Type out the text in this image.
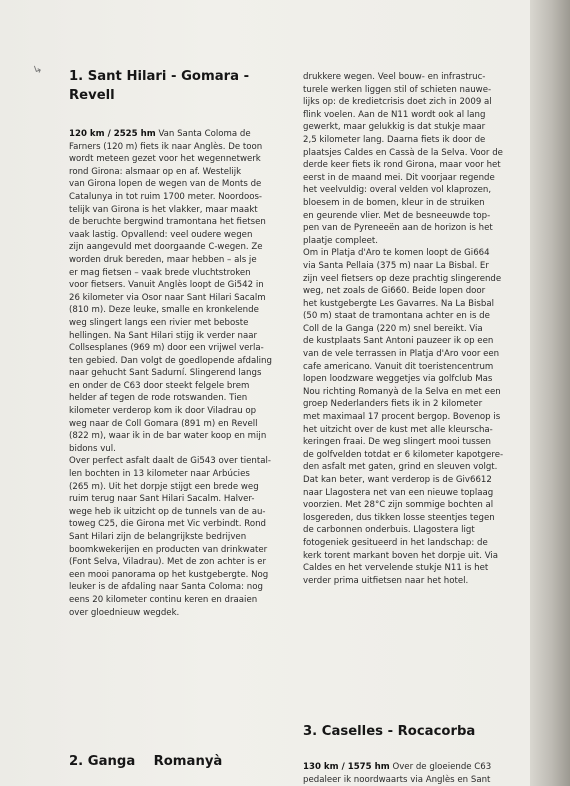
↳ 1. Sant Hilari - Gomara - Revell

120 km / 2525 hm Van Santa Coloma de

Farners (120 m) fiets ik naar Anglès. De toon

wordt meteen gezet voor het wegennetwerk

rond Girona: alsmaar op en af. Westelijk

van Girona lopen de wegen van de Monts de

Catalunya in tot ruim 1700 meter. Noordoos-

telijk van Girona is het vlakker, maar maakt

de beruchte bergwind tramontana het fietsen

vaak lastig. Opvallend: veel oudere wegen

zijn aangevuld met doorgaande C-wegen. Ze

worden druk bereden, maar hebben – als je

er mag fietsen – vaak brede vluchtstroken

voor fietsers. Vanuit Anglès loopt de Gi542 in

26 kilometer via Osor naar Sant Hilari Sacalm

(810 m). Deze leuke, smalle en kronkelende

weg slingert langs een rivier met beboste

hellingen. Na Sant Hilari stijg ik verder naar

Collsesplanes (969 m) door een vrijwel verla-

ten gebied. Dan volgt de goedlopende afdaling

naar gehucht Sant Sadurní. Slingerend langs

en onder de C63 door steekt felgele brem

helder af tegen de rode rotswanden. Tien

kilometer verderop kom ik door Viladrau op

weg naar de Coll Gomara (891 m) en Revell

(822 m), waar ik in de bar water koop en mijn

bidons vul.

Over perfect asfalt daalt de Gi543 over tiental-

len bochten in 13 kilometer naar Arbúcies

(265 m). Uit het dorpje stijgt een brede weg

ruim terug naar Sant Hilari Sacalm. Halver-

wege heb ik uitzicht op de tunnels van de au-

toweg C25, die Girona met Vic verbindt. Rond

Sant Hilari zijn de belangrijkste bedrijven

boomkwekerijen en producten van drinkwater

(Font Selva, Viladrau). Met de zon achter is er

een mooi panorama op het kustgebergte. Nog

leuker is de afdaling naar Santa Coloma: nog

eens 20 kilometer continu keren en draaien

over gloednieuw wegdek.

2. Ganga    Romanyà

drukkere wegen. Veel bouw- en infrastruc-

turele werken liggen stil of schieten nauwe-

lijks op: de kredietcrisis doet zich in 2009 al

flink voelen. Aan de N11 wordt ook al lang

gewerkt, maar gelukkig is dat stukje maar

2,5 kilometer lang. Daarna fiets ik door de

plaatsjes Caldes en Cassà de la Selva. Voor de

derde keer fiets ik rond Girona, maar voor het

eerst in de maand mei. Dit voorjaar regende

het veelvuldig: overal velden vol klaprozen,

bloesem in de bomen, kleur in de struiken

en geurende vlier. Met de besneeuwde top-

pen van de Pyreneeën aan de horizon is het

plaatje compleet.

Om in Platja d'Aro te komen loopt de Gi664

via Santa Pellaia (375 m) naar La Bisbal. Er

zijn veel fietsers op deze prachtig slingerende

weg, net zoals de Gi660. Beide lopen door

het kustgebergte Les Gavarres. Na La Bisbal

(50 m) staat de tramontana achter en is de

Coll de la Ganga (220 m) snel bereikt. Via

de kustplaats Sant Antoni pauzeer ik op een

van de vele terrassen in Platja d'Aro voor een

cafe americano. Vanuit dit toeristencentrum

lopen loodzware weggetjes via golfclub Mas

Nou richting Romanyà de la Selva en met een

groep Nederlanders fiets ik in 2 kilometer

met maximaal 17 procent bergop. Bovenop is

het uitzicht over de kust met alle kleurscha-

keringen fraai. De weg slingert mooi tussen

de golfvelden totdat er 6 kilometer kapotgere-

den asfalt met gaten, grind en sleuven volgt.

Dat kan beter, want verderop is de Giv6612

naar Llagostera net van een nieuwe toplaag

voorzien. Met 28°C zijn sommige bochten al

losgereden, dus tikken losse steentjes tegen

de carbonnen onderbuis. Llagostera ligt

fotogeniek gesitueerd in het landschap: de

kerk torent markant boven het dorpje uit. Via

Caldes en het vervelende stukje N11 is het

verder prima uitfietsen naar het hotel.

3. Caselles - Rocacorba

130 km / 1575 hm Over de gloeiende C63

pedaleer ik noordwaarts via Anglès en Sant
